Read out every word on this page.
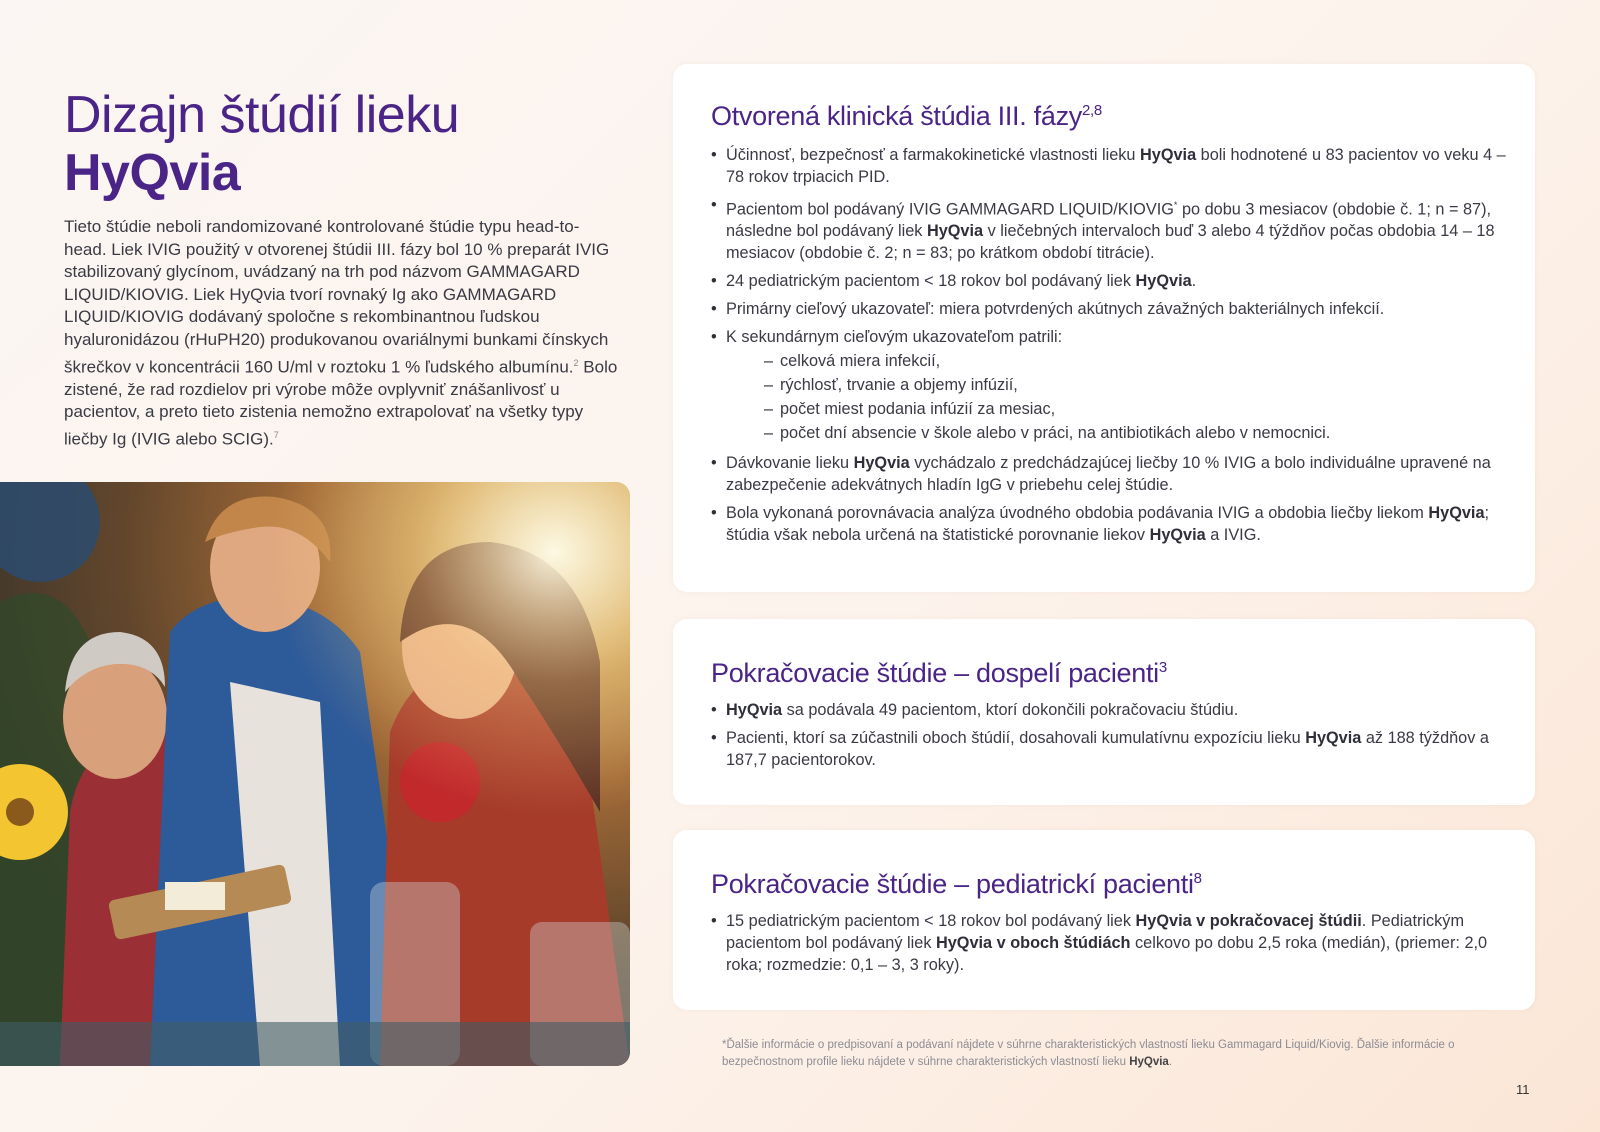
Dizajn štúdií lieku
HyQvia

Tieto štúdie neboli randomizované kontrolované štúdie typu head-to-head. Liek IVIG použitý v otvorenej štúdii III. fázy bol 10 % preparát IVIG stabilizovaný glycínom, uvádzaný na trh pod názvom GAMMAGARD LIQUID/KIOVIG. Liek HyQvia tvorí rovnaký Ig ako GAMMAGARD LIQUID/KIOVIG dodávaný spoločne s rekombinantnou ľudskou hyaluronidázou (rHuPH20) produkovanou ovariálnymi bunkami čínskych škrečkov v koncentrácii 160 U/ml v roztoku 1 % ľudského albumínu.$^2$ Bolo zistené, že rad rozdielov pri výrobe môže ovplyvniť znášanlivosť u pacientov, a preto tieto zistenia nemožno extrapolovať na všetky typy liečby Ig (IVIG alebo SCIG).$^7$

Otvorená klinická štúdia III. fázy$^{2,8}$
• Účinnosť, bezpečnosť a farmakokinetické vlastnosti lieku HyQvia boli hodnotené u 83 pacientov vo veku 4 – 78 rokov trpiacich PID.
• Pacientom bol podávaný IVIG GAMMAGARD LIQUID/KIOVIG* po dobu 3 mesiacov (obdobie č. 1; n = 87), následne bol podávaný liek HyQvia v liečebných intervaloch buď 3 alebo 4 týždňov počas obdobia 14 – 18 mesiacov (obdobie č. 2; n = 83; po krátkom období titrácie).
• 24 pediatrickým pacientom < 18 rokov bol podávaný liek HyQvia.
• Primárny cieľový ukazovateľ: miera potvrdených akútnych závažných bakteriálnych infekcií.
• K sekundárnym cieľovým ukazovateľom patrili:
– celková miera infekcií,
– rýchlosť, trvanie a objemy infúzií,
– počet miest podania infúzií za mesiac,
– počet dní absencie v škole alebo v práci, na antibiotikách alebo v nemocnici.
• Dávkovanie lieku HyQvia vychádzalo z predchádzajúcej liečby 10 % IVIG a bolo individuálne upravené na zabezpečenie adekvátnych hladín IgG v priebehu celej štúdie.
• Bola vykonaná porovnávacia analýza úvodného obdobia podávania IVIG a obdobia liečby liekom HyQvia; štúdia však nebola určená na štatistické porovnanie liekov HyQvia a IVIG.
Pokračovacie štúdie – dospelí pacienti$^3$
• HyQvia sa podávala 49 pacientom, ktorí dokončili pokračovaciu štúdiu.
• Pacienti, ktorí sa zúčastnili oboch štúdií, dosahovali kumulatívnu expozíciu lieku HyQvia až 188 týždňov a 187,7 pacientorokov.
Pokračovacie štúdie – pediatrickí pacienti$^8$
• 15 pediatrickým pacientom < 18 rokov bol podávaný liek HyQvia v pokračovacej štúdii. Pediatrickým pacientom bol podávaný liek HyQvia v oboch štúdiách celkovo po dobu 2,5 roka (medián), (priemer: 2,0 roka; rozmedzie: 0,1 – 3, 3 roky).

*Ďalšie informácie o predpisovaní a podávaní nájdete v súhrne charakteristických vlastností lieku Gammagard Liquid/Kiovig. Ďalšie informácie o bezpečnostnom profile lieku nájdete v súhrne charakteristických vlastností lieku HyQvia.

11
